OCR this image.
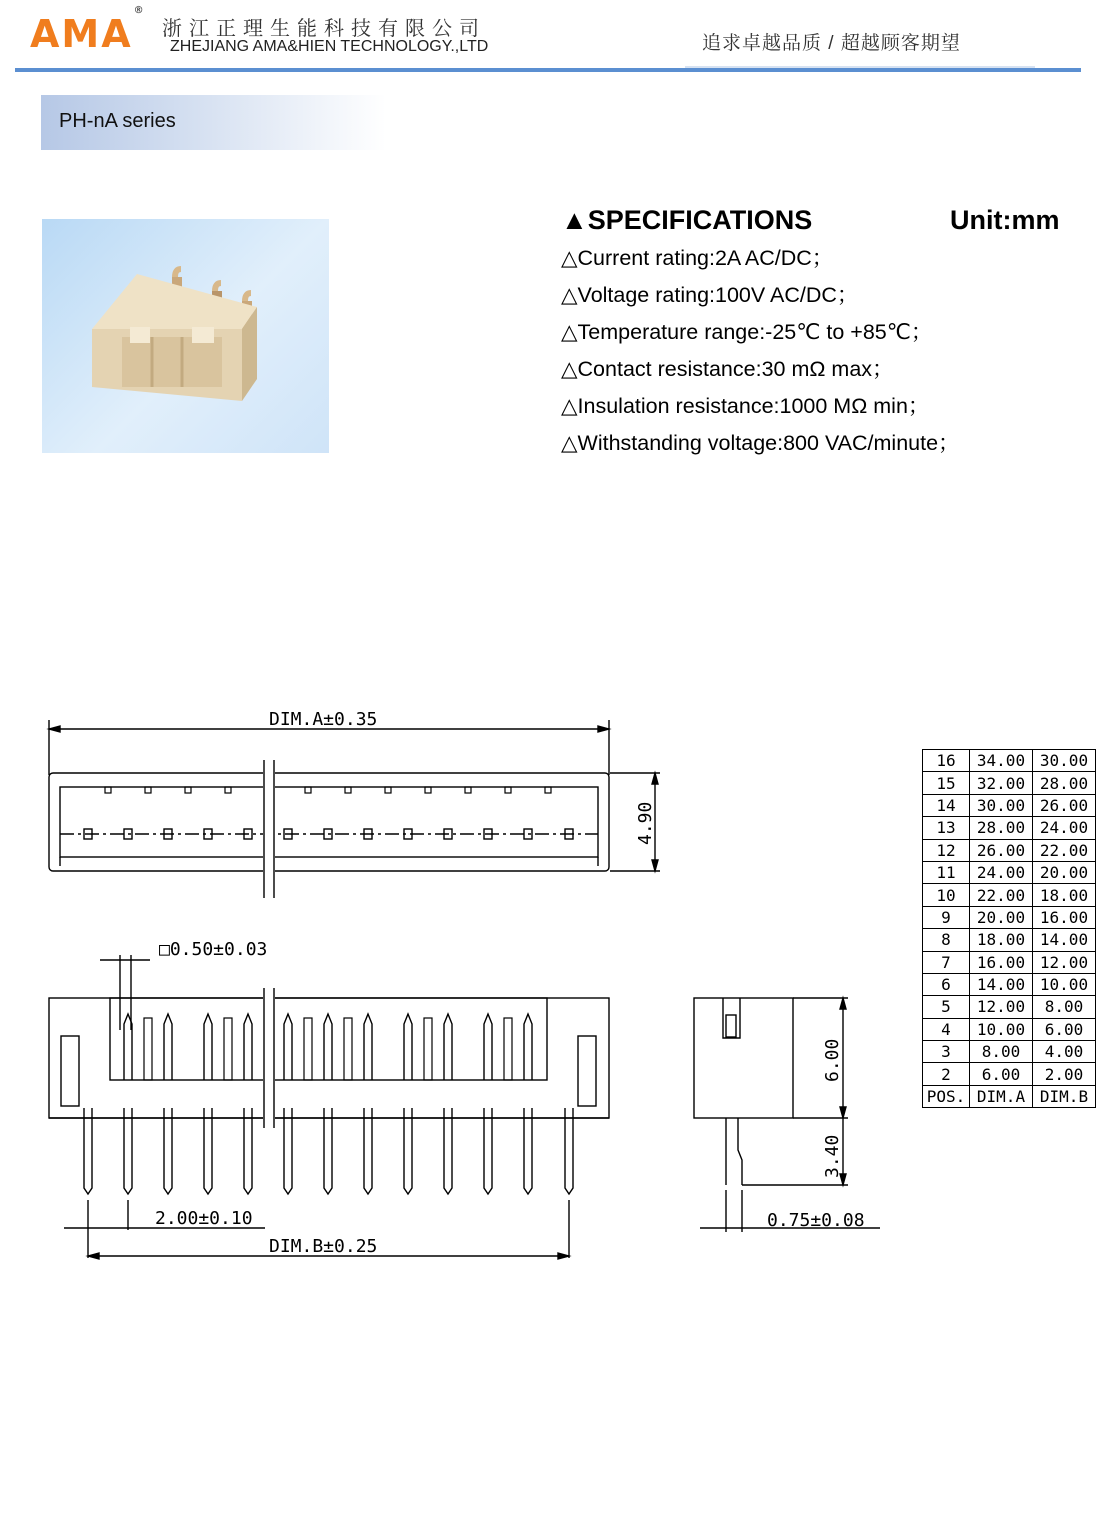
AMA®
浙江正理生能科技有限公司
ZHEJIANG AMA&HIEN TECHNOLOGY.,LTD	追求卓越品质 / 超越顾客期望
PH-nA series
▲SPECIFICATIONS	Unit:mm
△Current rating:2A AC/DC；
△Voltage rating:100V AC/DC；
△Temperature range:-25℃ to +85℃；
△Contact resistance:30 mΩ max；
△Insulation resistance:1000 MΩ min；
△Withstanding voltage:800 VAC/minute；
DIM.A±0.35
4.90
□0.50±0.03
2.00±0.10
DIM.B±0.25
6.00
3.40
0.75±0.08
16	34.00	30.00
15	32.00	28.00
14	30.00	26.00
13	28.00	24.00
12	26.00	22.00
11	24.00	20.00
10	22.00	18.00
9	20.00	16.00
8	18.00	14.00
7	16.00	12.00
6	14.00	10.00
5	12.00	8.00
4	10.00	6.00
3	8.00	4.00
2	6.00	2.00
POS.	DIM.A	DIM.B
